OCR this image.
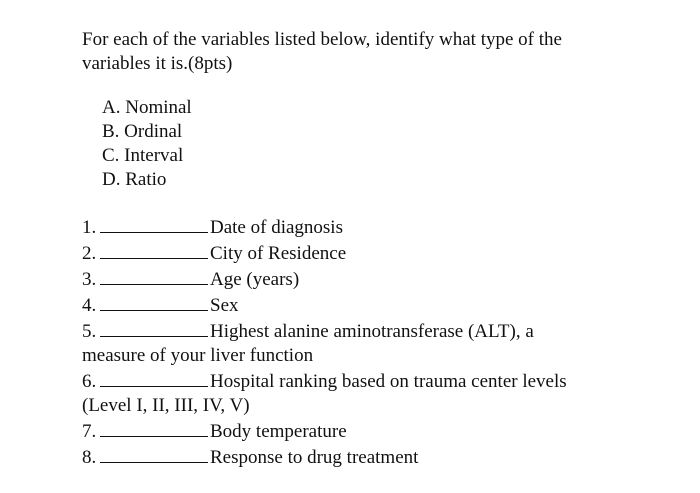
For each of the variables listed below, identify what type of the variables it is.(8pts)

A. Nominal
B. Ordinal
C. Interval
D. Ratio
1.	Date of diagnosis
2.	City of Residence
3.	Age (years)
4.	Sex
5.	Highest alanine aminotransferase (ALT), a
measure of your liver function
6.	Hospital ranking based on trauma center levels
(Level I, II, III, IV, V)
7.	Body temperature
8.	Response to drug treatment
